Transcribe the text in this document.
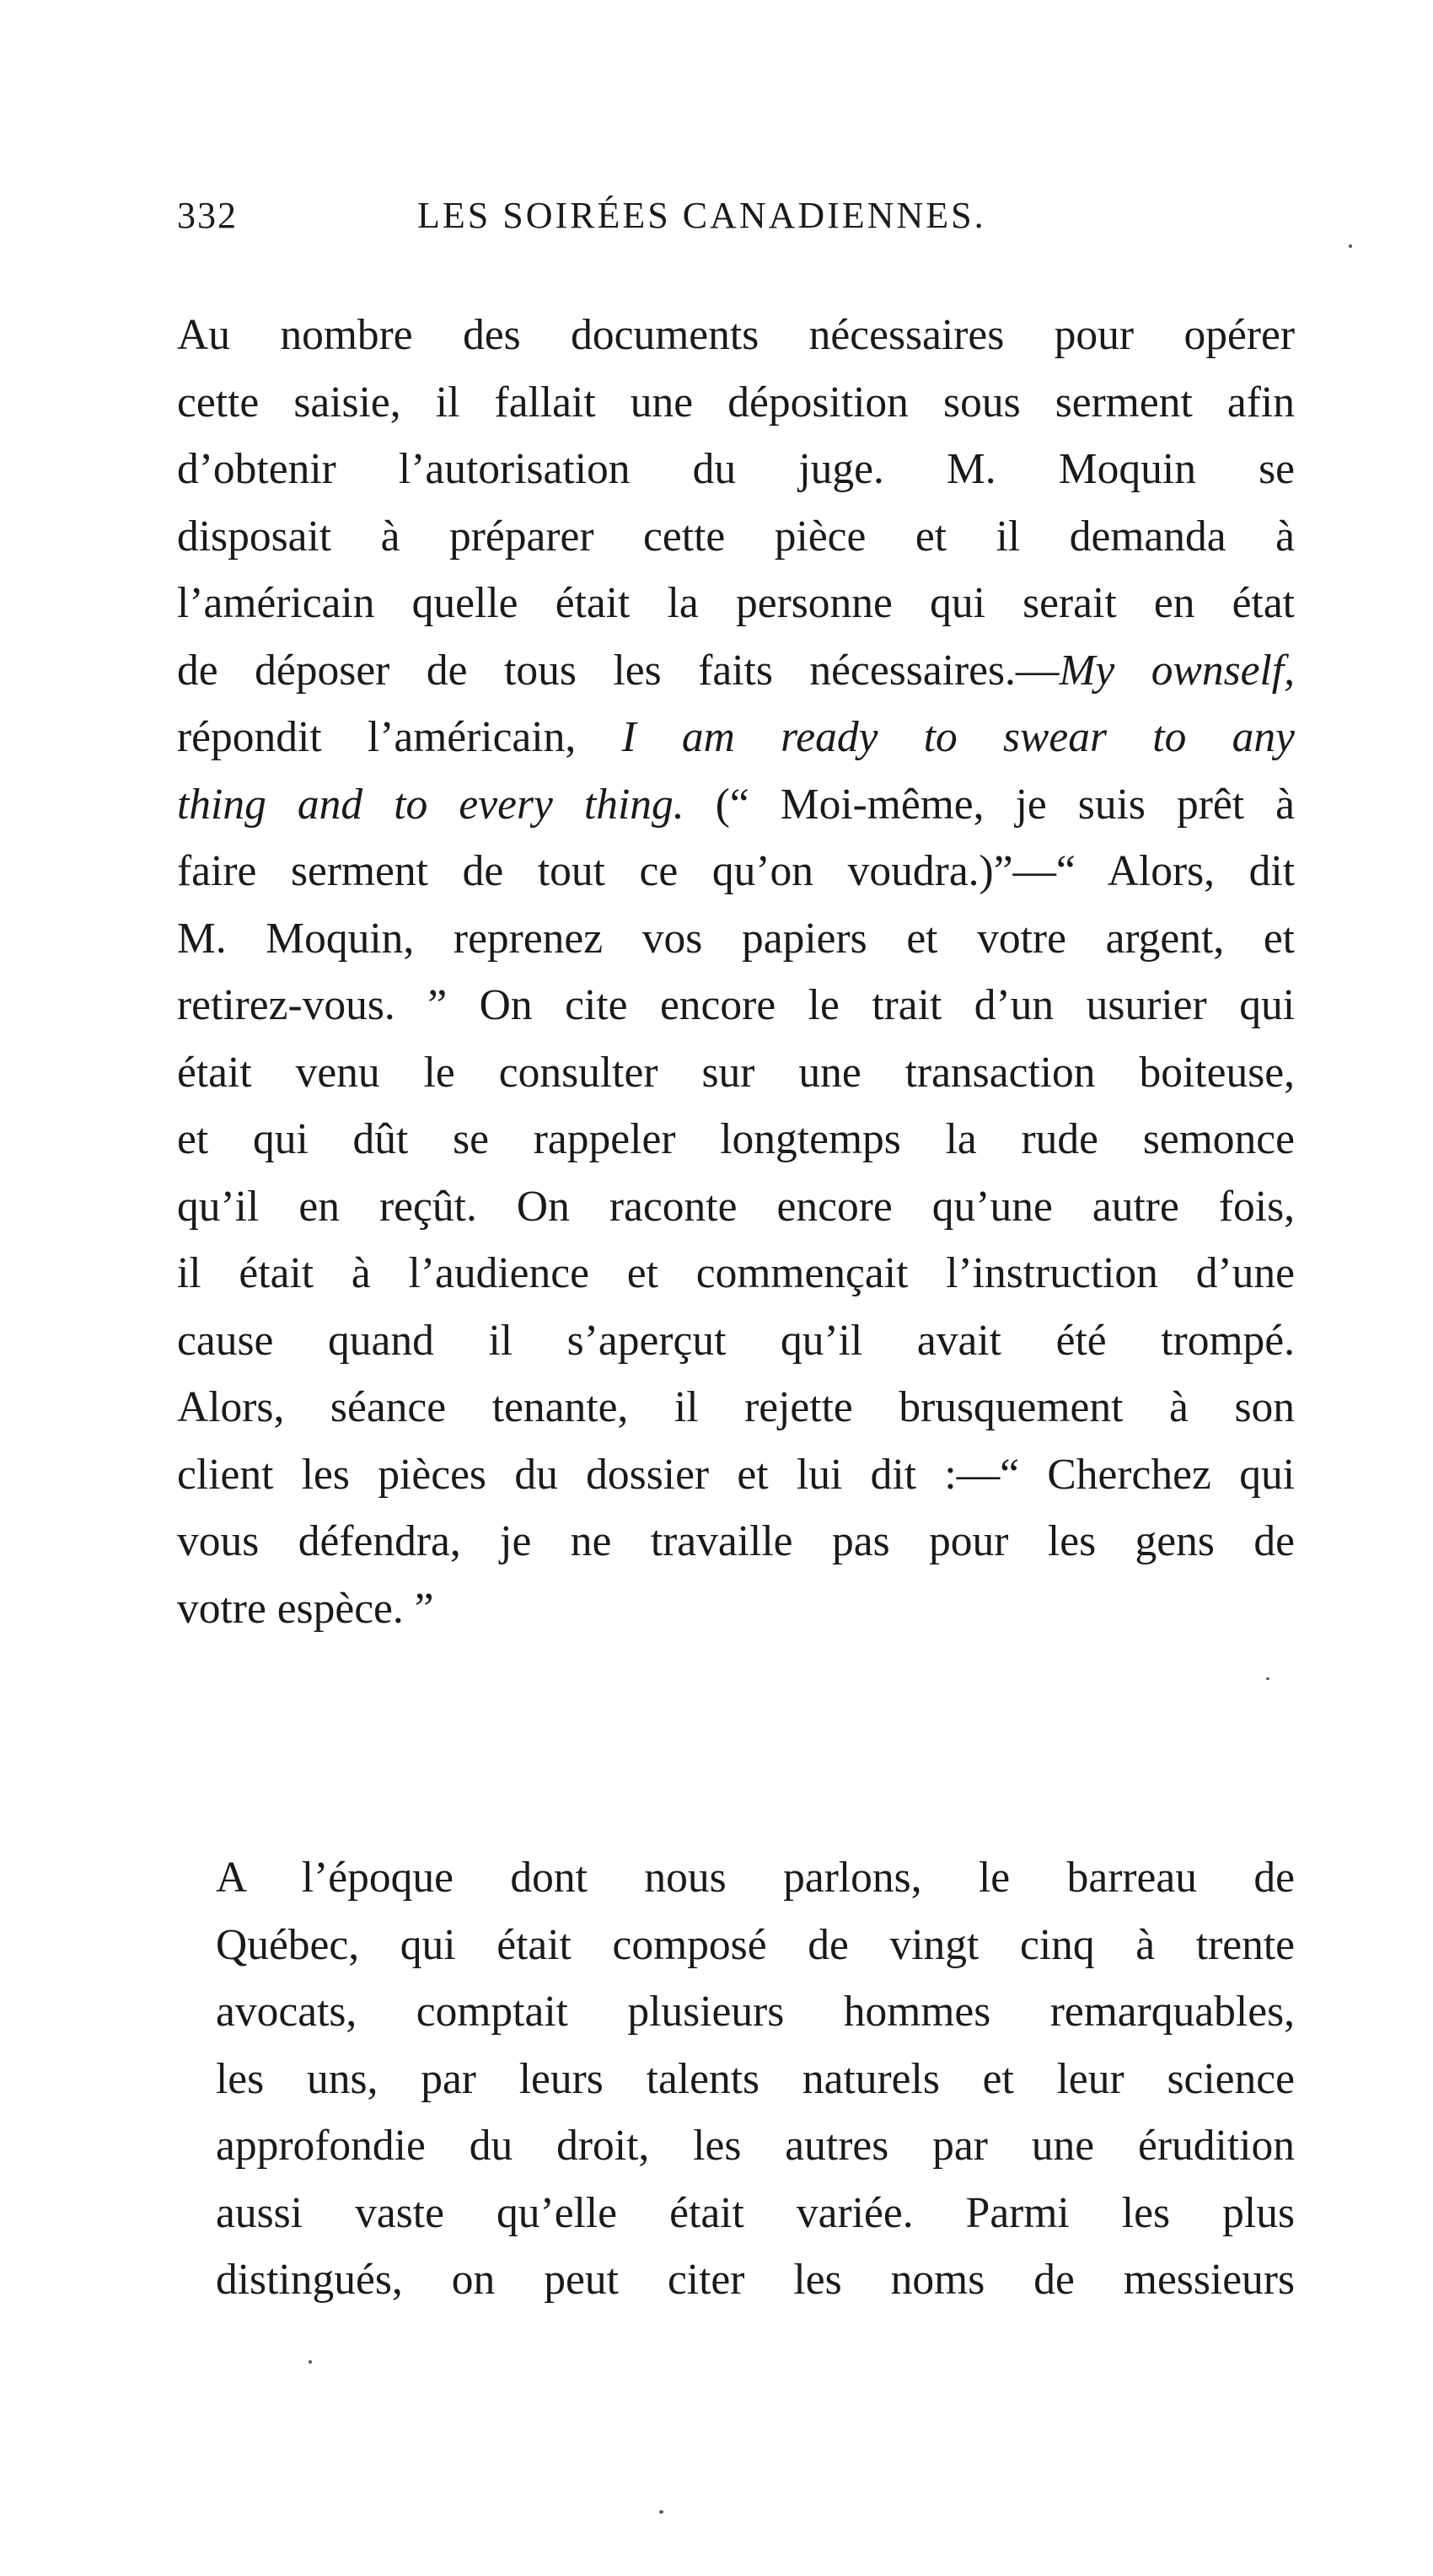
332	LES SOIRÉES CANADIENNES.
Au nombre des documents nécessaires pour opérer
cette saisie, il fallait une déposition sous serment afin
d’obtenir l’autorisation du juge. M. Moquin se
disposait à préparer cette pièce et il demanda à
l’américain quelle était la personne qui serait en état
de déposer de tous les faits nécessaires.—My ownself,
répondit l’américain, I am ready to swear to any
thing and to every thing. (“ Moi-même, je suis prêt à
faire serment de tout ce qu’on voudra.)”—“ Alors, dit
M. Moquin, reprenez vos papiers et votre argent, et
retirez-vous. ” On cite encore le trait d’un usurier qui
était venu le consulter sur une transaction boiteuse,
et qui dût se rappeler longtemps la rude semonce
qu’il en reçût. On raconte encore qu’une autre fois,
il était à l’audience et commençait l’instruction d’une
cause quand il s’aperçut qu’il avait été trompé.
Alors, séance tenante, il rejette brusquement à son
client les pièces du dossier et lui dit :—“ Cherchez qui
vous défendra, je ne travaille pas pour les gens de
votre espèce. ”
A l’époque dont nous parlons, le barreau de
Québec, qui était composé de vingt cinq à trente
avocats, comptait plusieurs hommes remarquables,
les uns, par leurs talents naturels et leur science
approfondie du droit, les autres par une érudition
aussi vaste qu’elle était variée. Parmi les plus
distingués, on peut citer les noms de messieurs
